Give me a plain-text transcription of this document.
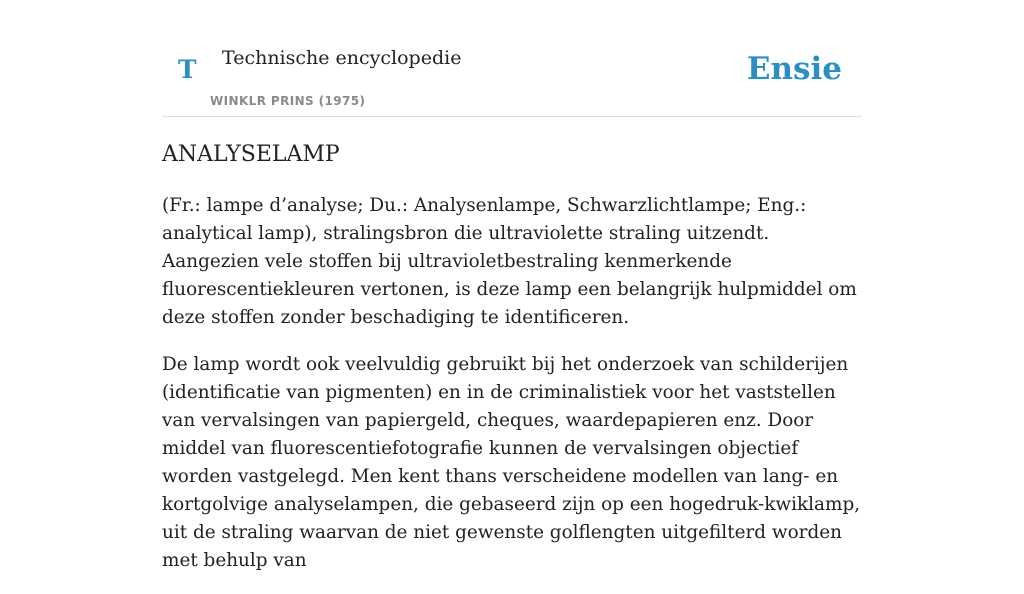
T Technische encyclopedie
WINKLR PRINS (1975)
Ensie
ANALYSELAMP

(Fr.: lampe d’analyse; Du.: Analysenlampe, Schwarzlichtlampe; Eng.: analytical lamp), stralingsbron die ultraviolette straling uitzendt. Aangezien vele stoffen bij ultravioletbestraling kenmerkende fluorescentiekleuren vertonen, is deze lamp een belangrijk hulpmiddel om deze stoffen zonder beschadiging te identificeren.

De lamp wordt ook veelvuldig gebruikt bij het onderzoek van schilderijen (identificatie van pigmenten) en in de criminalistiek voor het vaststellen van vervalsingen van papiergeld, cheques, waardepapieren enz. Door middel van fluorescentiefotografie kunnen de vervalsingen objectief worden vastgelegd. Men kent thans verscheidene modellen van lang- en kortgolvige analyselampen, die gebaseerd zijn op een hogedruk-kwiklamp, uit de straling waarvan de niet gewenste golflengten uitgefilterd worden met behulp van
